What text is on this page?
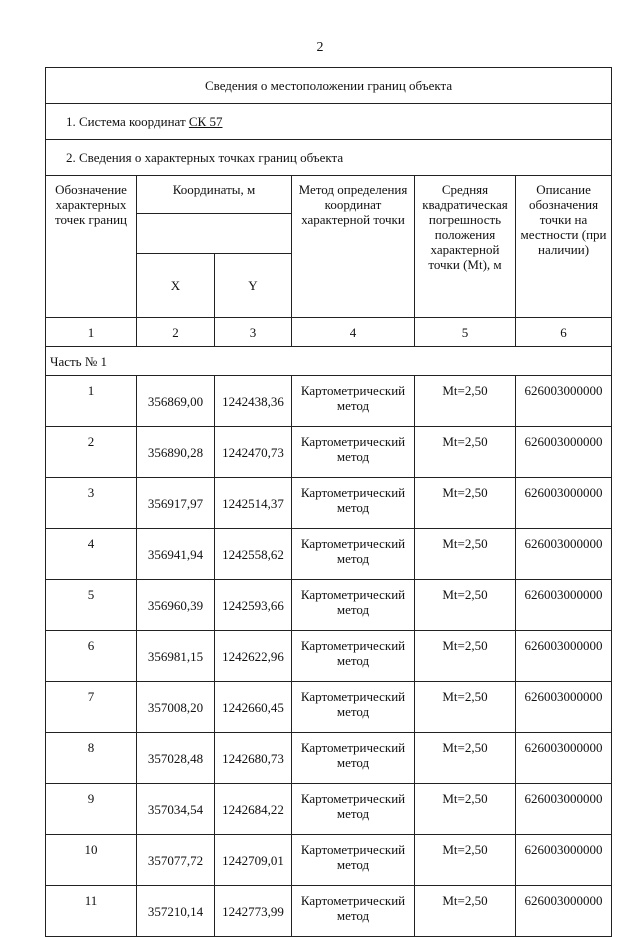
2
Сведения о местоположении границ объекта					
1. Система координат СК 57					
2. Сведения о характерных точках границ объекта					
Обозначение характерных точек границ	Координаты, м		Метод определения координат характерной точки	Средняя квадратическая погрешность положения характерной точки (Mt), м	Описание обозначения точки на местности (при наличии)

	X	Y			
1	2	3	4	5	6
Часть № 1					
1	356869,00	1242438,36	Картометрический метод	Mt=2,50	626003000000
2	356890,28	1242470,73	Картометрический метод	Mt=2,50	626003000000
3	356917,97	1242514,37	Картометрический метод	Mt=2,50	626003000000
4	356941,94	1242558,62	Картометрический метод	Mt=2,50	626003000000
5	356960,39	1242593,66	Картометрический метод	Mt=2,50	626003000000
6	356981,15	1242622,96	Картометрический метод	Mt=2,50	626003000000
7	357008,20	1242660,45	Картометрический метод	Mt=2,50	626003000000
8	357028,48	1242680,73	Картометрический метод	Mt=2,50	626003000000
9	357034,54	1242684,22	Картометрический метод	Mt=2,50	626003000000
10	357077,72	1242709,01	Картометрический метод	Mt=2,50	626003000000
11	357210,14	1242773,99	Картометрический метод	Mt=2,50	626003000000
